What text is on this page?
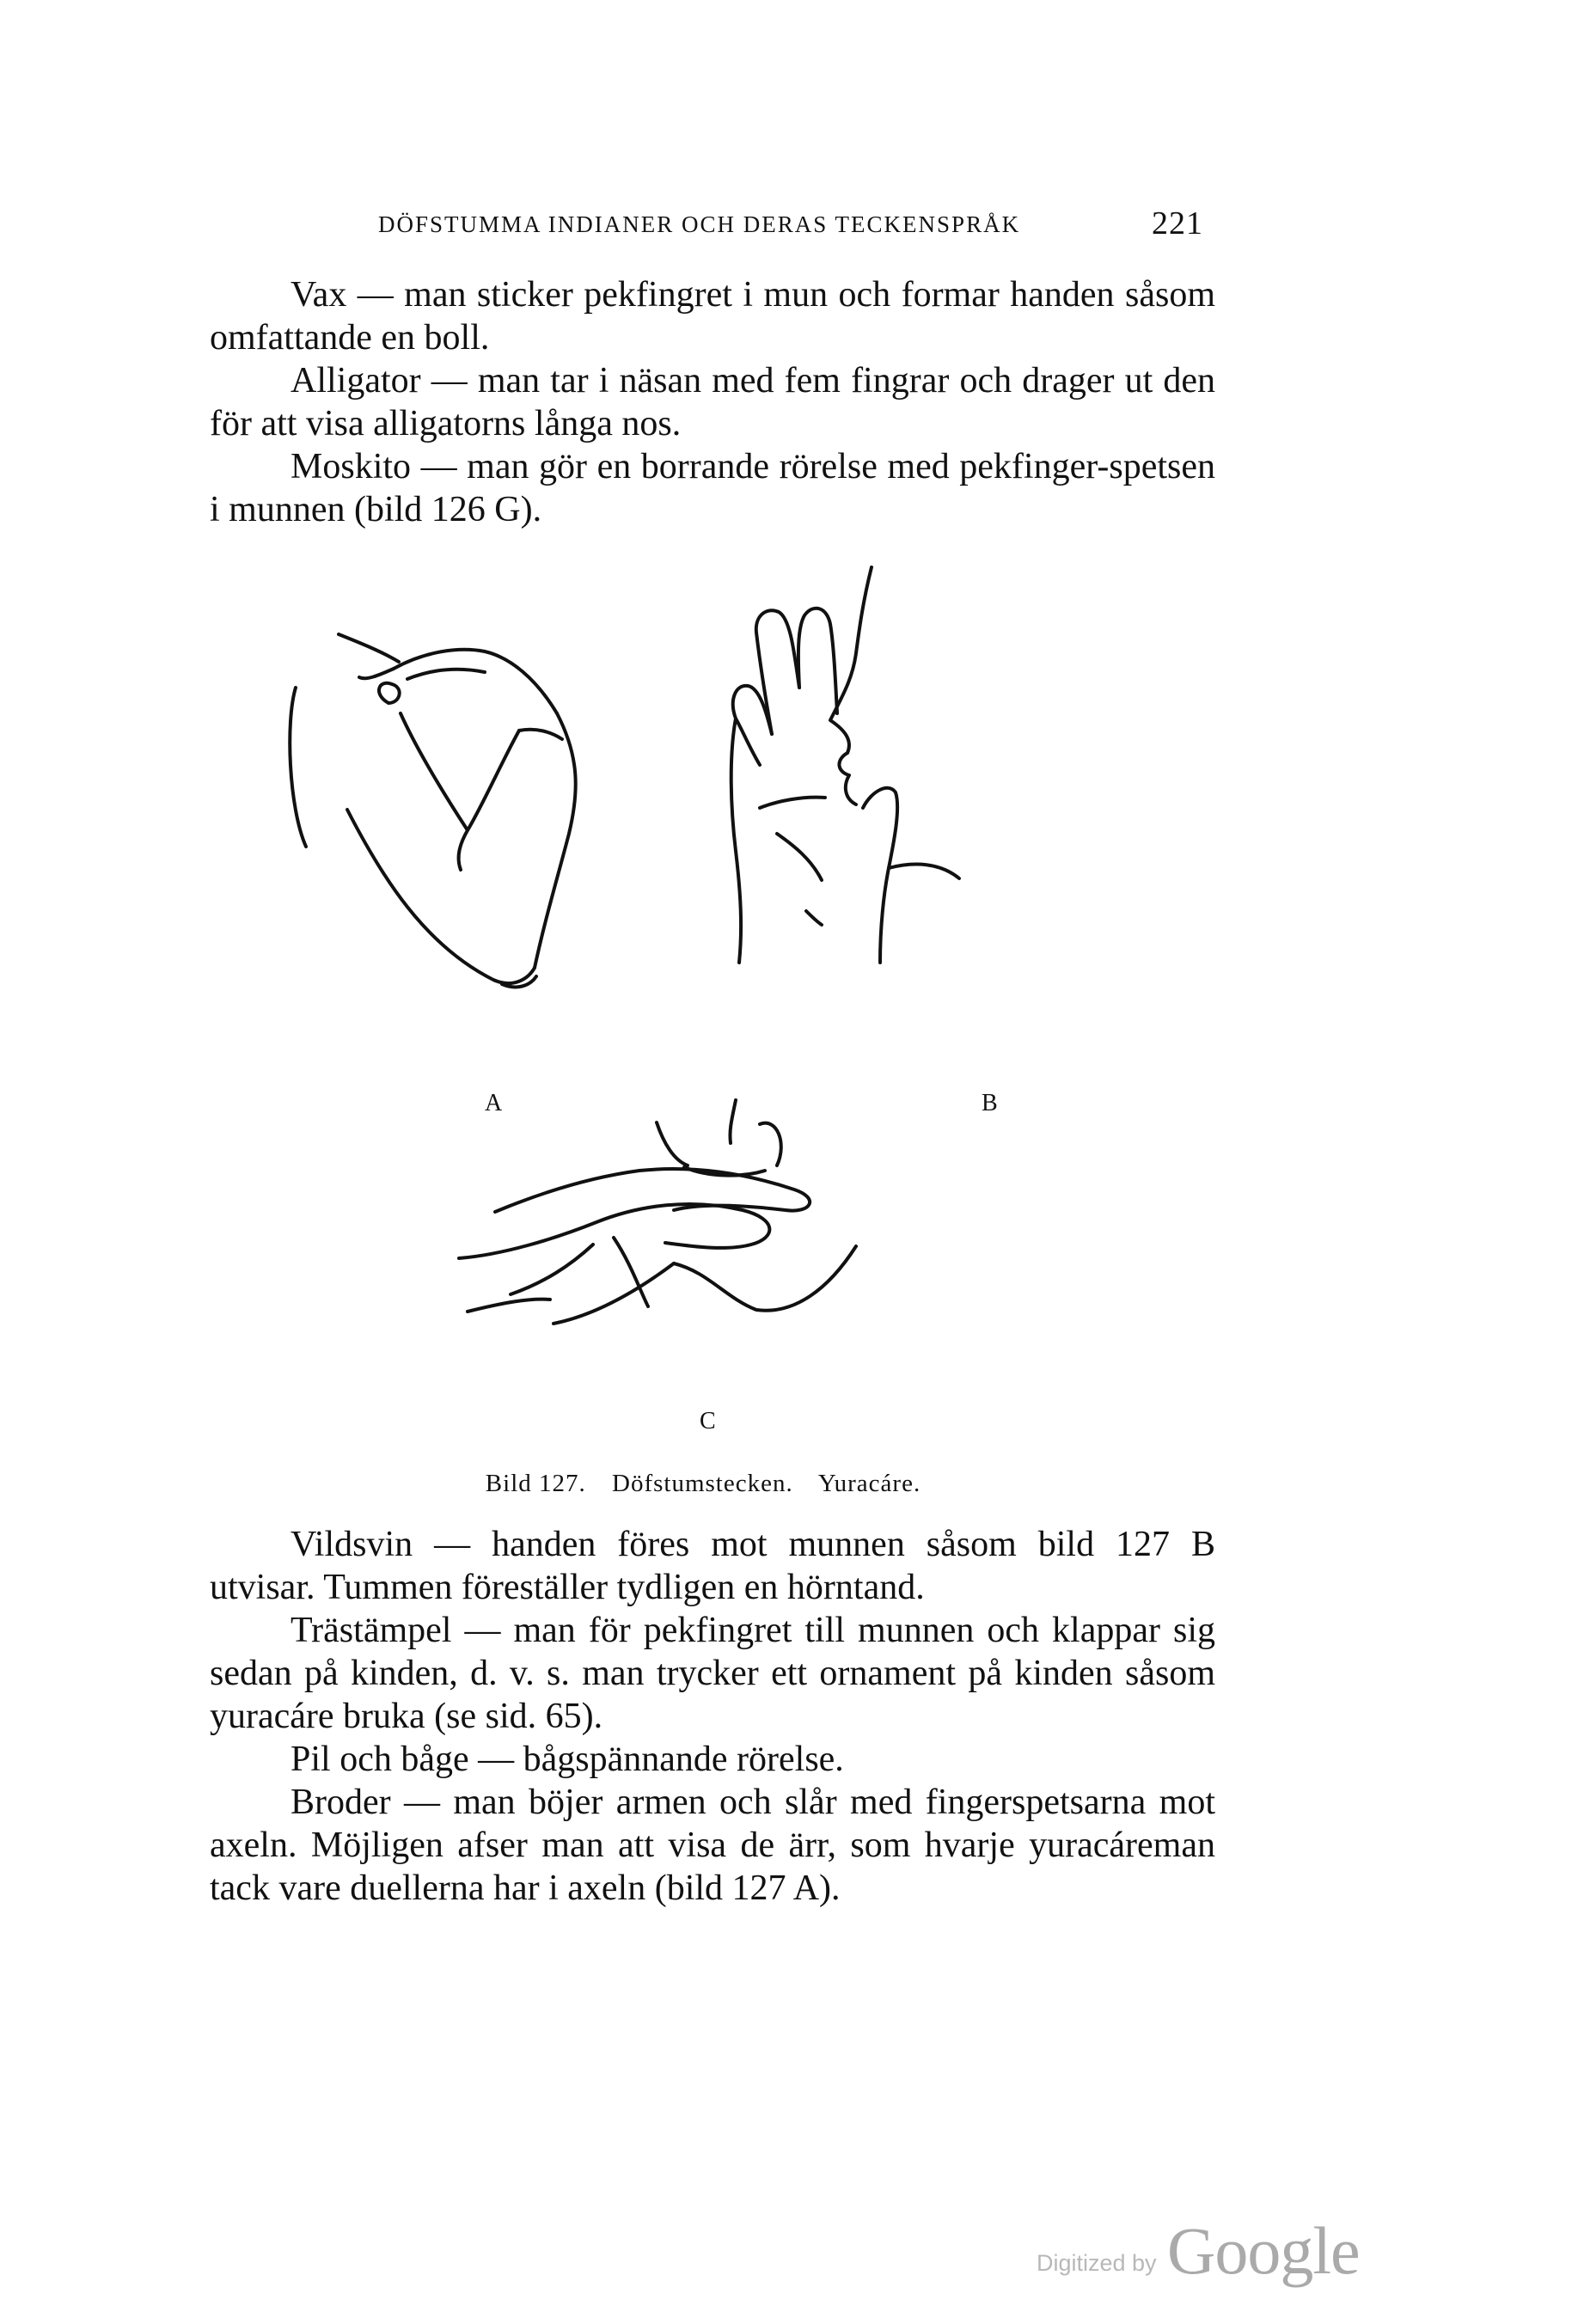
DÖFSTUMMA INDIANER OCH DERAS TECKENSPRÅK	221

Vax — man sticker pekfingret i mun och formar handen såsom omfattande en boll.

Alligator — man tar i näsan med fem fingrar och drager ut den för att visa alligatorns långa nos.

Moskito — man gör en borrande rörelse med pekfinger-spetsen i munnen (bild 126 G).

A	B
C
Bild 127. Döfstumstecken. Yuracáre.

Vildsvin — handen föres mot munnen såsom bild 127 B utvisar. Tummen föreställer tydligen en hörntand.

Trästämpel — man för pekfingret till munnen och klappar sig sedan på kinden, d. v. s. man trycker ett ornament på kinden såsom yuracáre bruka (se sid. 65).

Pil och båge — bågspännande rörelse.

Broder — man böjer armen och slår med fingerspetsarna mot axeln. Möjligen afser man att visa de ärr, som hvarje yuracáreman tack vare duellerna har i axeln (bild 127 A).

Digitized by Google
